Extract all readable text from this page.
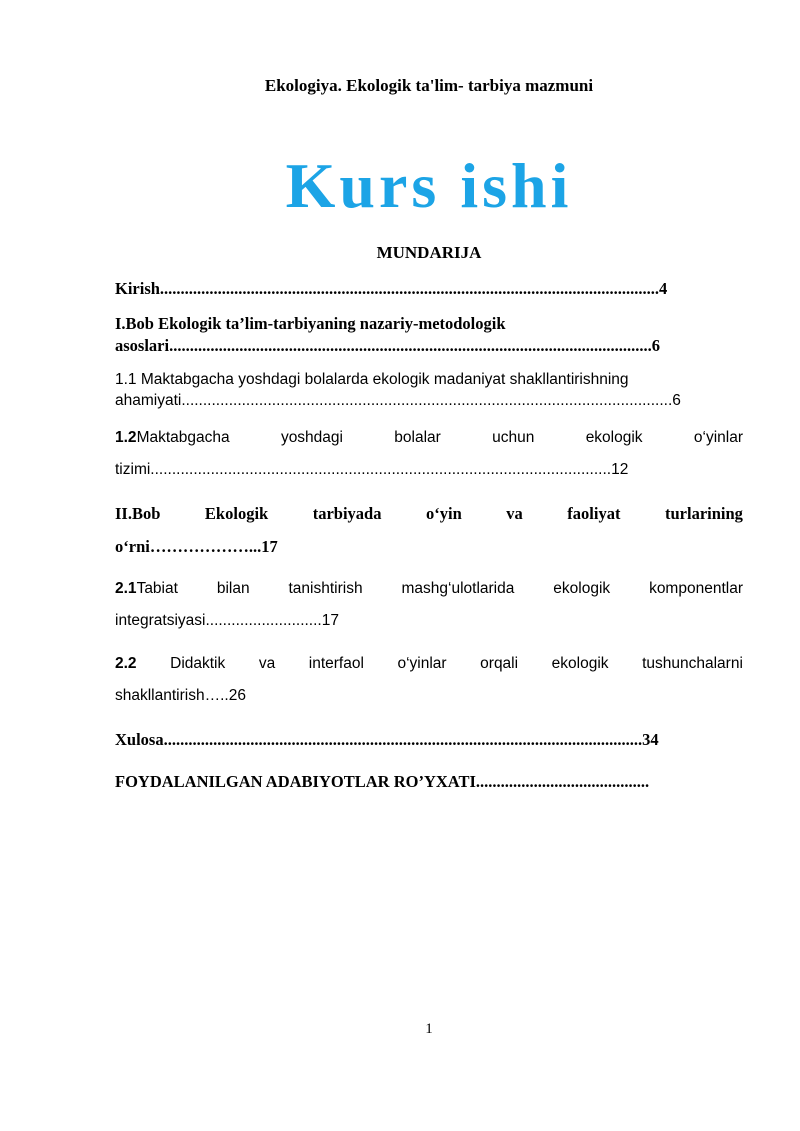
Ekologiya. Ekologik ta'lim- tarbiya mazmuni
Kurs ishi
MUNDARIJA
Kirish.........................................................................................................................4
I.Bob Ekologik ta’lim-tarbiyaning nazariy-metodologik
asoslari.....................................................................................................................6
1.1 Maktabgacha yoshdagi bolalarda ekologik madaniyat shakllantirishning
ahamiyati..................................................................................................................6
1.2Maktabgacha	yoshdagi	bolalar	uchun	ekologik	o‘yinlar
tizimi...........................................................................................................12
II.Bob	Ekologik	tarbiyada	o‘yin	va	faoliyat	turlarining
o‘rni………………...17
2.1Tabiat	bilan	tanishtirish	mashg‘ulotlarida	ekologik	komponentlar
integratsiyasi...........................17
2.2 Didaktik va interfaol o‘yinlar orqali ekologik tushunchalarni
shakllantirish…..26
Xulosa....................................................................................................................34
FOYDALANILGAN ADABIYOTLAR RO’YXATI..........................................
1
